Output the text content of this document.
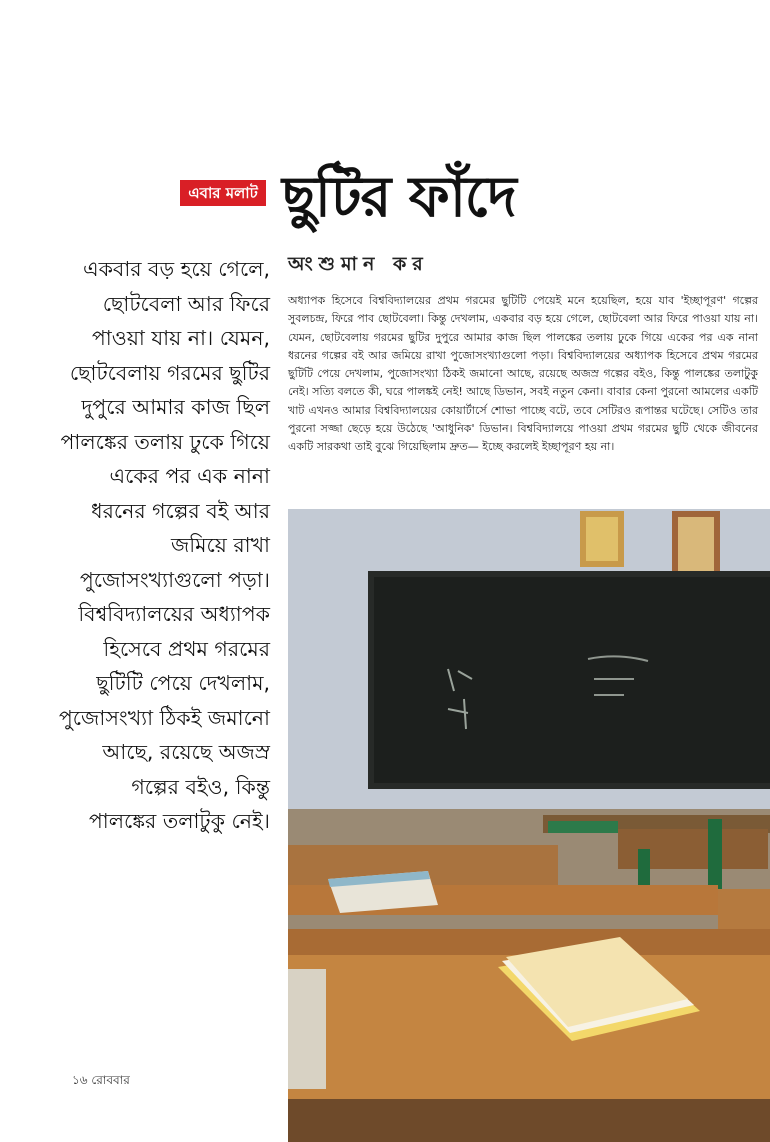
এবার মলাট ছুটির ফাঁদে
অংশুমান কর
একবার বড় হয়ে গেলে, ছোটবেলা আর ফিরে পাওয়া যায় না। যেমন, ছোটবেলায় গরমের ছুটির দুপুরে আমার কাজ ছিল পালঙ্কের তলায় ঢুকে গিয়ে একের পর এক নানা ধরনের গল্পের বই আর জমিয়ে রাখা পুজোসংখ্যাগুলো পড়া। বিশ্ববিদ্যালয়ের অধ্যাপক হিসেবে প্রথম গরমের ছুটিটি পেয়ে দেখলাম, পুজোসংখ্যা ঠিকই জমানো আছে, রয়েছে অজস্র গল্পের বইও, কিন্তু পালঙ্কের তলাটুকু নেই।
অধ্যাপক হিসেবে বিশ্ববিদ্যালয়ের প্রথম গরমের ছুটিটি পেয়েই মনে হয়েছিল, হয়ে যাব 'ইচ্ছাপূরণ' গল্পের সুবলচন্দ্র, ফিরে পাব ছোটবেলা। কিন্তু দেখলাম, একবার বড় হয়ে গেলে, ছোটবেলা আর ফিরে পাওয়া যায় না। যেমন, ছোটবেলায় গরমের ছুটির দুপুরে আমার কাজ ছিল পালঙ্কের তলায় ঢুকে গিয়ে একের পর এক নানা ধরনের গল্পের বই আর জমিয়ে রাখা পুজোসংখ্যাগুলো পড়া। বিশ্ববিদ্যালয়ের অধ্যাপক হিসেবে প্রথম গরমের ছুটিটি পেয়ে দেখলাম, পুজোসংখ্যা ঠিকই জমানো আছে, রয়েছে অজস্র গল্পের বইও, কিন্তু পালঙ্কের তলাটুকু নেই। সত্যি বলতে কী, ঘরে পালঙ্কই নেই! আছে ডিভান, সবই নতুন কেনা। বাবার কেনা পুরনো আমলের একটি খাট এখনও আমার বিশ্ববিদ্যালয়ের কোয়ার্টার্সে শোভা পাচ্ছে বটে, তবে সেটিরও রূপান্তর ঘটেছে। সেটিও তার পুরনো সজ্জা ছেড়ে হয়ে উঠেছে 'আধুনিক' ডিভান। বিশ্ববিদ্যালয়ে পাওয়া প্রথম গরমের ছুটি থেকে জীবনের একটি সারকথা তাই বুঝে গিয়েছিলাম দ্রুত— ইচ্ছে করলেই ইচ্ছাপূরণ হয় না।
১৬ রোববার
